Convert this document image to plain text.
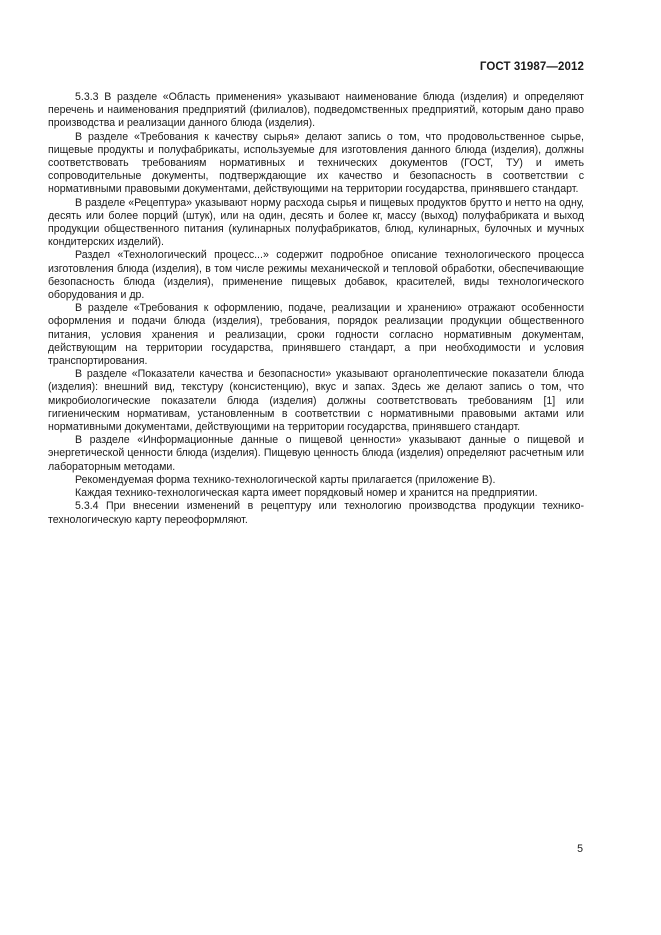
ГОСТ 31987—2012

5.3.3 В разделе «Область применения» указывают наименование блюда (изделия) и определяют перечень и наименования предприятий (филиалов), подведомственных предприятий, которым дано право производства и реализации данного блюда (изделия).

В разделе «Требования к качеству сырья» делают запись о том, что продовольственное сырье, пищевые продукты и полуфабрикаты, используемые для изготовления данного блюда (изделия), должны соответствовать требованиям нормативных и технических документов (ГОСТ, ТУ) и иметь сопроводительные документы, подтверждающие их качество и безопасность в соответствии с нормативными правовыми документами, действующими на территории государства, принявшего стандарт.

В разделе «Рецептура» указывают норму расхода сырья и пищевых продуктов брутто и нетто на одну, десять или более порций (штук), или на один, десять и более кг, массу (выход) полуфабриката и выход продукции общественного питания (кулинарных полуфабрикатов, блюд, кулинарных, булочных и мучных кондитерских изделий).

Раздел «Технологический процесс...» содержит подробное описание технологического процесса изготовления блюда (изделия), в том числе режимы механической и тепловой обработки, обеспечивающие безопасность блюда (изделия), применение пищевых добавок, красителей, виды технологического оборудования и др.

В разделе «Требования к оформлению, подаче, реализации и хранению» отражают особенности оформления и подачи блюда (изделия), требования, порядок реализации продукции общественного питания, условия хранения и реализации, сроки годности согласно нормативным документам, действующим на территории государства, принявшего стандарт, а при необходимости и условия транспортирования.

В разделе «Показатели качества и безопасности» указывают органолептические показатели блюда (изделия): внешний вид, текстуру (консистенцию), вкус и запах. Здесь же делают запись о том, что микробиологические показатели блюда (изделия) должны соответствовать требованиям [1] или гигиеническим нормативам, установленным в соответствии с нормативными правовыми актами или нормативными документами, действующими на территории государства, принявшего стандарт.

В разделе «Информационные данные о пищевой ценности» указывают данные о пищевой и энергетической ценности блюда (изделия). Пищевую ценность блюда (изделия) определяют расчетным или лабораторным методами.

Рекомендуемая форма технико-технологической карты прилагается (приложение В).

Каждая технико-технологическая карта имеет порядковый номер и хранится на предприятии.

5.3.4 При внесении изменений в рецептуру или технологию производства продукции технико-технологическую карту переоформляют.

5
